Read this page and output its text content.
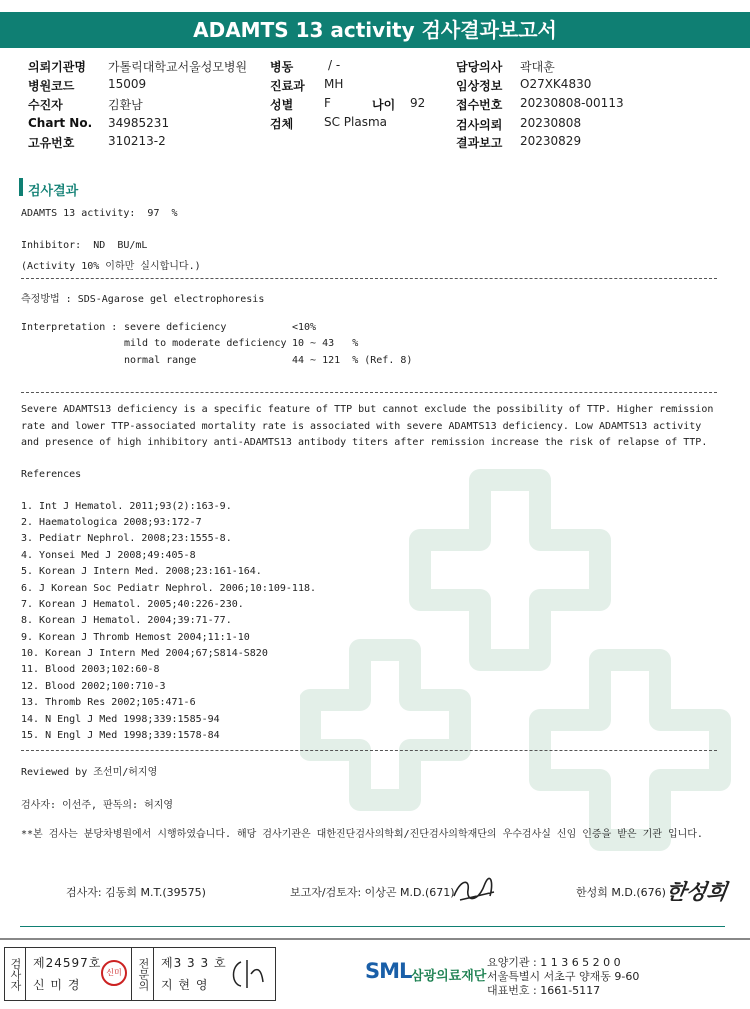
ADAMTS 13 activity 검사결과보고서
의뢰기관명 가톨릭대학교서울성모병원
병원코드	15009
수진자	김환남
Chart No. 34985231
고유번호	310213-2
병동	/ -
진료과 MH
성별	F	나이 92
검체	SC Plasma
담당의사 곽대훈
임상정보 O27XK4830
접수번호 20230808-00113
검사의뢰 20230808
결과보고 20230829
검사결과
ADAMTS 13 activity:  97  %
Inhibitor:  ND  BU/mL
(Activity 10% 이하만 실시합니다.)
측정방법 : SDS-Agarose gel electrophoresis
Interpretation : severe deficiency	<10%
mild to moderate deficiency 10 ~ 43   %
normal range	44 ~ 121  % (Ref. 8)
Severe ADAMTS13 deficiency is a specific feature of TTP but cannot exclude the possibility of TTP. Higher remission rate and lower TTP-associated mortality rate is associated with severe ADAMTS13 deficiency. Low ADAMTS13 activity and presence of high inhibitory anti-ADAMTS13 antibody titers after remission increase the risk of relapse of TTP.
References
1. Int J Hematol. 2011;93(2):163-9.
2. Haematologica 2008;93:172-7
3. Pediatr Nephrol. 2008;23:1555-8.
4. Yonsei Med J 2008;49:405-8
5. Korean J Intern Med. 2008;23:161-164.
6. J Korean Soc Pediatr Nephrol. 2006;10:109-118.
7. Korean J Hematol. 2005;40:226-230.
8. Korean J Hematol. 2004;39:71-77.
9. Korean J Thromb Hemost 2004;11:1-10
10. Korean J Intern Med 2004;67;S814-S820
11. Blood 2003;102:60-8
12. Blood 2002;100:710-3
13. Thromb Res 2002;105:471-6
14. N Engl J Med 1998;339:1585-94
15. N Engl J Med 1998;339:1578-84
Reviewed by 조선미/허지영
검사자: 이선주, 판독의: 허지영
**본 검사는 분당차병원에서 시행하였습니다. 해당 검사기관은 대한진단검사의학회/진단검사의학재단의 우수검사실 신임 인증을 받은 기관 입니다.
검사자: 김동희 M.T.(39575)	보고자/검토자: 이상곤 M.D.(671)	한성희 M.D.(676)
한성희
검사자 제24597호
신 미 경
신미	전문의 제3 3 3 호
지 현 영
SML 삼광의료재단
요양기관 : 1 1 3 6 5 2 0 0
서울특별시 서초구 양재동 9-60
대표번호 : 1661-5117
